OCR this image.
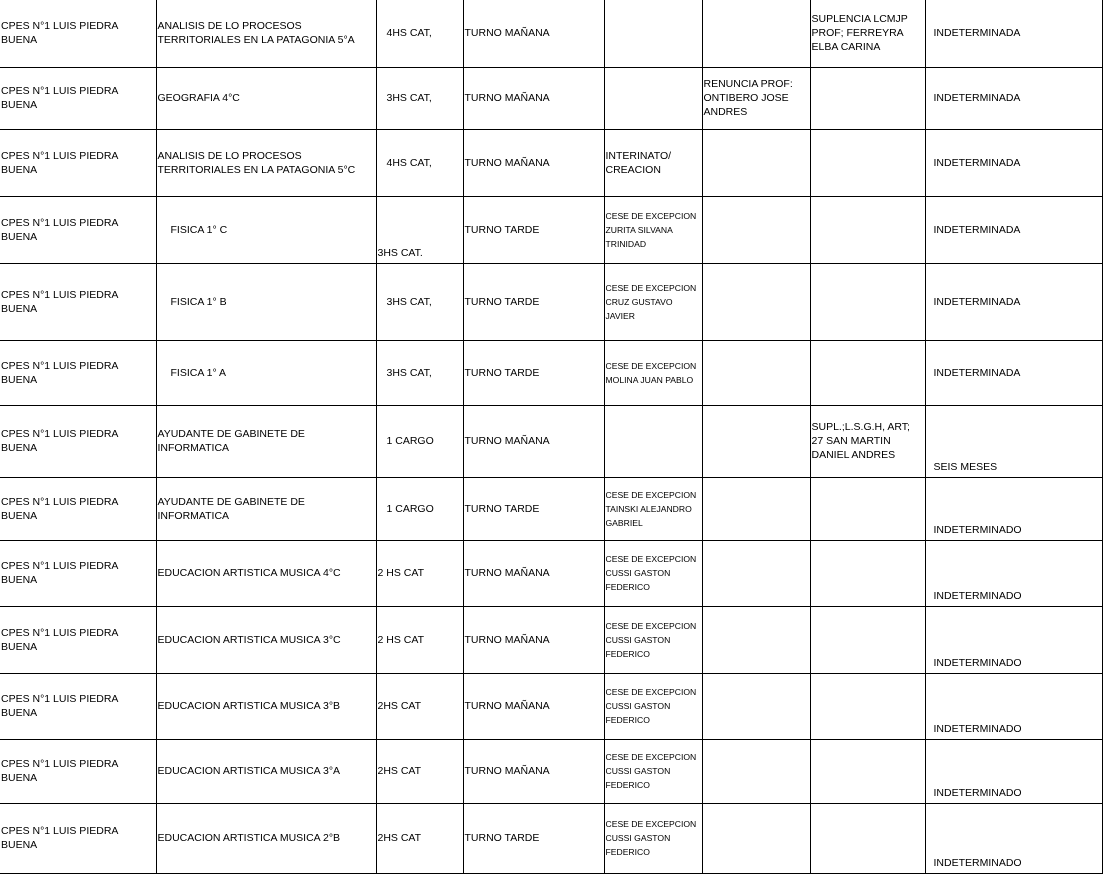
CPES N°1 LUIS PIEDRA BUENA	ANALISIS DE LO PROCESOS TERRITORIALES EN LA PATAGONIA 5°A	4HS CAT,	TURNO MAÑANA			SUPLENCIA LCMJP PROF; FERREYRA ELBA CARINA	INDETERMINADA
CPES N°1 LUIS PIEDRA BUENA	GEOGRAFIA 4°C	3HS CAT,	TURNO MAÑANA		RENUNCIA PROF: ONTIBERO JOSE ANDRES		INDETERMINADA
CPES N°1 LUIS PIEDRA BUENA	ANALISIS DE LO PROCESOS TERRITORIALES EN LA PATAGONIA 5°C	4HS CAT,	TURNO MAÑANA	INTERINATO/ CREACION			INDETERMINADA
CPES N°1 LUIS PIEDRA BUENA	FISICA 1° C	3HS CAT.	TURNO TARDE	CESE DE EXCEPCION ZURITA SILVANA TRINIDAD			INDETERMINADA
CPES N°1 LUIS PIEDRA BUENA	FISICA 1° B	3HS CAT,	TURNO TARDE	CESE DE EXCEPCION CRUZ GUSTAVO JAVIER			INDETERMINADA
CPES N°1 LUIS PIEDRA BUENA	FISICA 1° A	3HS CAT,	TURNO TARDE	CESE DE EXCEPCION MOLINA JUAN PABLO			INDETERMINADA
CPES N°1 LUIS PIEDRA BUENA	AYUDANTE DE GABINETE DE INFORMATICA	1 CARGO	TURNO MAÑANA			SUPL.;L.S.G.H, ART; 27 SAN MARTIN DANIEL ANDRES	SEIS MESES
CPES N°1 LUIS PIEDRA BUENA	AYUDANTE DE GABINETE DE INFORMATICA	1 CARGO	TURNO TARDE	CESE DE EXCEPCION TAINSKI ALEJANDRO GABRIEL			INDETERMINADO
CPES N°1 LUIS PIEDRA BUENA	EDUCACION ARTISTICA MUSICA 4°C	2 HS CAT	TURNO MAÑANA	CESE DE EXCEPCION CUSSI GASTON FEDERICO			INDETERMINADO
CPES N°1 LUIS PIEDRA BUENA	EDUCACION ARTISTICA MUSICA 3°C	2 HS CAT	TURNO MAÑANA	CESE DE EXCEPCION CUSSI GASTON FEDERICO			INDETERMINADO
CPES N°1 LUIS PIEDRA BUENA	EDUCACION ARTISTICA MUSICA 3°B	2HS CAT	TURNO MAÑANA	CESE DE EXCEPCION CUSSI GASTON FEDERICO			INDETERMINADO
CPES N°1 LUIS PIEDRA BUENA	EDUCACION ARTISTICA MUSICA 3°A	2HS CAT	TURNO MAÑANA	CESE DE EXCEPCION CUSSI GASTON FEDERICO			INDETERMINADO
CPES N°1 LUIS PIEDRA BUENA	EDUCACION ARTISTICA MUSICA 2°B	2HS CAT	TURNO TARDE	CESE DE EXCEPCION CUSSI GASTON FEDERICO			INDETERMINADO
